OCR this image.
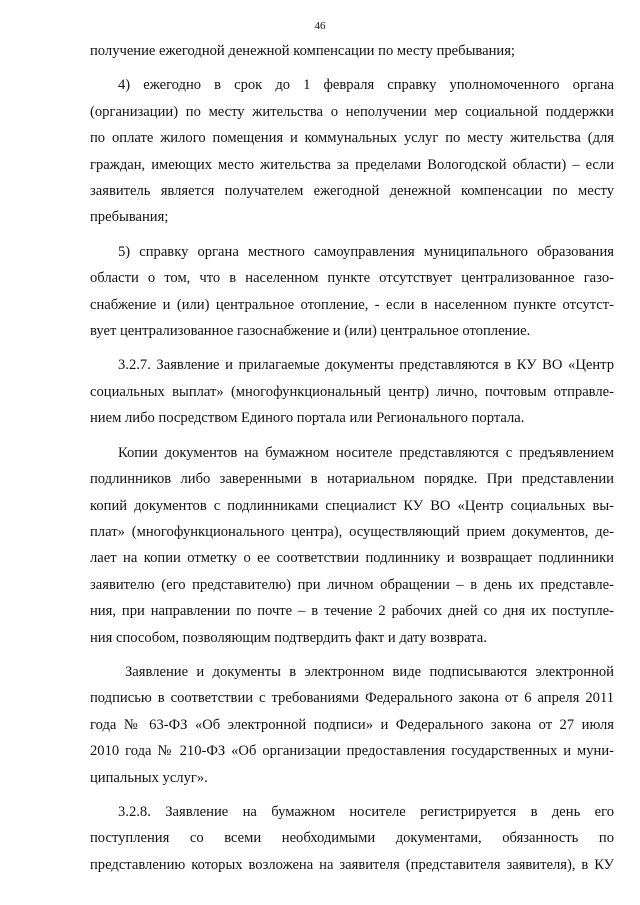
46
получение ежегодной денежной компенсации по месту пребывания;
4) ежегодно в срок до 1 февраля справку уполномоченного органа
(организации) по месту жительства о неполучении мер социальной поддержки
по оплате жилого помещения и коммунальных услуг по месту жительства (для
граждан, имеющих место жительства за пределами Вологодской области) – если
заявитель является получателем ежегодной денежной компенсации по месту
пребывания;
5) справку органа местного самоуправления муниципального образования
области о том, что в населенном пункте отсутствует централизованное газо-
снабжение и (или) центральное отопление, - если в населенном пункте отсутст-
вует централизованное газоснабжение и (или) центральное отопление.
3.2.7. Заявление и прилагаемые документы представляются в КУ ВО «Центр
социальных выплат» (многофункциональный центр) лично, почтовым отправле-
нием либо посредством Единого портала или Регионального портала.
Копии документов на бумажном носителе представляются с предъявлением
подлинников либо заверенными в нотариальном порядке. При представлении
копий документов с подлинниками специалист КУ ВО «Центр социальных вы-
плат» (многофункционального центра), осуществляющий прием документов, де-
лает на копии отметку о ее соответствии подлиннику и возвращает подлинники
заявителю (его представителю) при личном обращении – в день их представле-
ния, при направлении по почте – в течение 2 рабочих дней со дня их поступле-
ния способом, позволяющим подтвердить факт и дату возврата.
Заявление и документы в электронном виде подписываются электронной
подписью в соответствии с требованиями Федерального закона от 6 апреля 2011
года № 63-ФЗ «Об электронной подписи» и Федерального закона от 27 июля
2010 года № 210-ФЗ «Об организации предоставления государственных и муни-
ципальных услуг».
3.2.8. Заявление на бумажном носителе регистрируется в день его
поступления со всеми необходимыми документами, обязанность по
представлению которых возложена на заявителя (представителя заявителя), в КУ
